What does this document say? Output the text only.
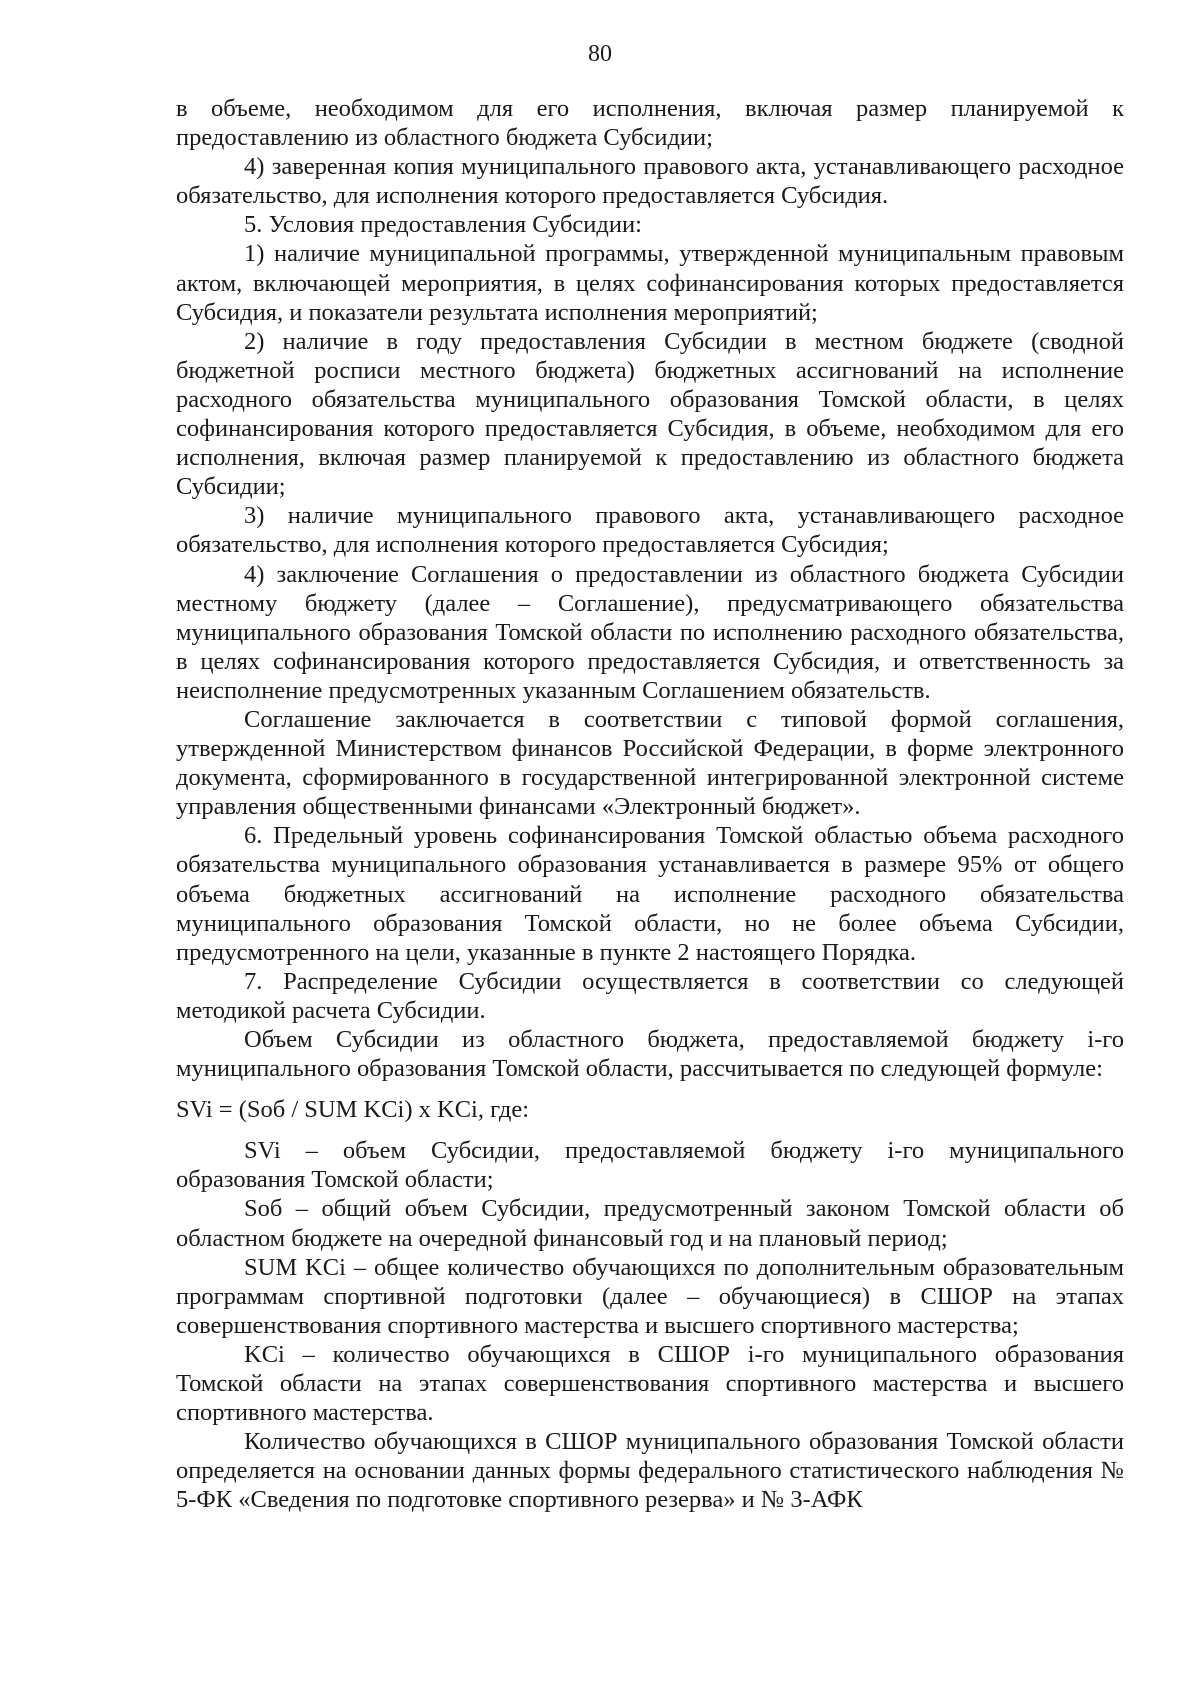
80

в объеме, необходимом для его исполнения, включая размер планируемой к предоставлению из областного бюджета Субсидии;

4) заверенная копия муниципального правового акта, устанавливающего расходное обязательство, для исполнения которого предоставляется Субсидия.

5. Условия предоставления Субсидии:

1) наличие муниципальной программы, утвержденной муниципальным правовым актом, включающей мероприятия, в целях софинансирования которых предоставляется Субсидия, и показатели результата исполнения мероприятий;

2) наличие в году предоставления Субсидии в местном бюджете (сводной бюджетной росписи местного бюджета) бюджетных ассигнований на исполнение расходного обязательства муниципального образования Томской области, в целях софинансирования которого предоставляется Субсидия, в объеме, необходимом для его исполнения, включая размер планируемой к предоставлению из областного бюджета Субсидии;

3) наличие муниципального правового акта, устанавливающего расходное обязательство, для исполнения которого предоставляется Субсидия;

4) заключение Соглашения о предоставлении из областного бюджета Субсидии местному бюджету (далее – Соглашение), предусматривающего обязательства муниципального образования Томской области по исполнению расходного обязательства, в целях софинансирования которого предоставляется Субсидия, и ответственность за неисполнение предусмотренных указанным Соглашением обязательств.

Соглашение заключается в соответствии с типовой формой соглашения, утвержденной Министерством финансов Российской Федерации, в форме электронного документа, сформированного в государственной интегрированной электронной системе управления общественными финансами «Электронный бюджет».

6. Предельный уровень софинансирования Томской областью объема расходного обязательства муниципального образования устанавливается в размере 95% от общего объема бюджетных ассигнований на исполнение расходного обязательства муниципального образования Томской области, но не более объема Субсидии, предусмотренного на цели, указанные в пункте 2 настоящего Порядка.

7. Распределение Субсидии осуществляется в соответствии со следующей методикой расчета Субсидии.

Объем Субсидии из областного бюджета, предоставляемой бюджету i-го муниципального образования Томской области, рассчитывается по следующей формуле:

SVi = (Sоб / SUM KCi) x KCi, где:

SVi – объем Субсидии, предоставляемой бюджету i-го муниципального образования Томской области;

Sоб – общий объем Субсидии, предусмотренный законом Томской области об областном бюджете на очередной финансовый год и на плановый период;

SUM KCi – общее количество обучающихся по дополнительным образовательным программам спортивной подготовки (далее – обучающиеся) в СШОР на этапах совершенствования спортивного мастерства и высшего спортивного мастерства;

KCi – количество обучающихся в СШОР i-го муниципального образования Томской области на этапах совершенствования спортивного мастерства и высшего спортивного мастерства.

Количество обучающихся в СШОР муниципального образования Томской области определяется на основании данных формы федерального статистического наблюдения № 5-ФК «Сведения по подготовке спортивного резерва» и № 3-АФК
